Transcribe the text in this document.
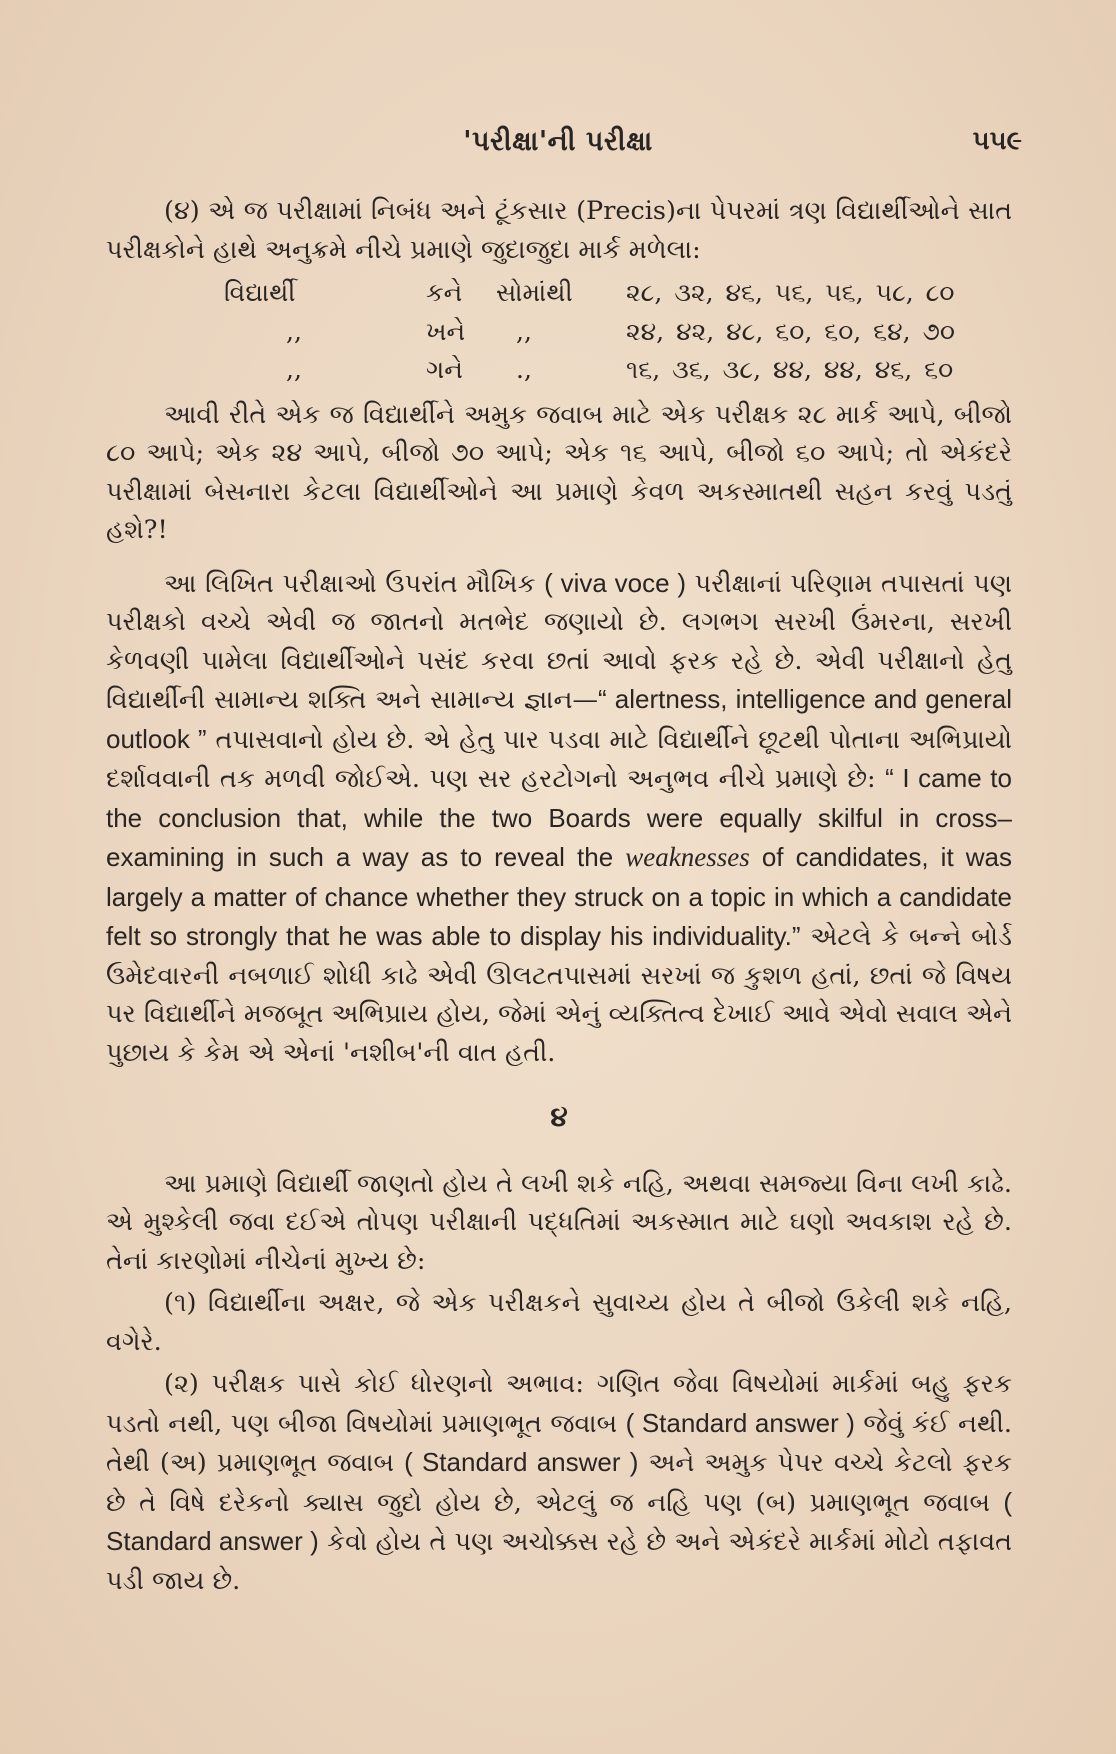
'પરીક્ષા'ની પરીક્ષા	૫૫૯

(૪) એ જ પરીક્ષામાં નિબંધ અને ટૂંકસાર (Precis)ના પેપરમાં ત્રણ વિદ્યાર્થીઓને સાત પરીક્ષકોને હાથે અનુક્રમે નીચે પ્રમાણે જુદાજુદા માર્ક મળેલા:

વિદ્યાર્થી	કને	સોમાંથી	૨૮, ૩૨, ૪૬, ૫૬, ૫૬, ૫૮, ૮૦
,,	ખને	,,	૨૪, ૪૨, ૪૮, ૬૦, ૬૦, ૬૪, ૭૦
,,	ગને	.,	૧૬, ૩૬, ૩૮, ૪૪, ૪૪, ૪૬, ૬૦

આવી રીતે એક જ વિદ્યાર્થીને અમુક જવાબ માટે એક પરીક્ષક ૨૮ માર્ક આપે, બીજો ૮૦ આપે; એક ૨૪ આપે, બીજો ૭૦ આપે; એક ૧૬ આપે, બીજો ૬૦ આપે; તો એકંદરે પરીક્ષામાં બેસનારા કેટલા વિદ્યાર્થીઓને આ પ્રમાણે કેવળ અકસ્માતથી સહન કરવું પડતું હશે?!

આ લિખિત પરીક્ષાઓ ઉપરાંત મૌખિક ( viva voce ) પરીક્ષાનાં પરિણામ તપાસતાં પણ પરીક્ષકો વચ્ચે એવી જ જાતનો મતભેદ જણાયો છે. લગભગ સરખી ઉંમરના, સરખી કેળવણી પામેલા વિદ્યાર્થીઓને પસંદ કરવા છતાં આવો ફરક રહે છે. એવી પરીક્ષાનો હેતુ વિદ્યાર્થીની સામાન્ય શક્તિ અને સામાન્ય જ્ઞાન—“ alertness, intelligence and general outlook ” તપાસવાનો હોય છે. એ હેતુ પાર પડવા માટે વિદ્યાર્થીને છૂટથી પોતાના અભિપ્રાયો દર્શાવવાની તક મળવી જોઈએ. પણ સર હરટોગનો અનુભવ નીચે પ્રમાણે છે: “ I came to the conclusion that, while the two Boards were equally skilful in cross–examining in such a way as to reveal the weaknesses of candidates, it was largely a matter of chance whether they struck on a topic in which a candidate felt so strongly that he was able to display his individuality.” એટલે કે બન્ને બોર્ડ ઉમેદવારની નબળાઈ શોધી કાઢે એવી ઊલટતપાસમાં સરખાં જ કુશળ હતાં, છતાં જે વિષય પર વિદ્યાર્થીને મજબૂત અભિપ્રાય હોય, જેમાં એનું વ્યક્તિત્વ દેખાઈ આવે એવો સવાલ એને પુછાય કે કેમ એ એનાં 'નશીબ'ની વાત હતી.

૪

આ પ્રમાણે વિદ્યાર્થી જાણતો હોય તે લખી શકે નહિ, અથવા સમજ્યા વિના લખી કાઢે. એ મુશ્કેલી જવા દઈએ તોપણ પરીક્ષાની પદ્ધતિમાં અકસ્માત માટે ઘણો અવકાશ રહે છે. તેનાં કારણોમાં નીચેનાં મુખ્ય છે:

(૧) વિદ્યાર્થીના અક્ષર, જે એક પરીક્ષકને સુવાચ્ય હોય તે બીજો ઉકેલી શકે નહિ, વગેરે.

(૨) પરીક્ષક પાસે કોઈ ધોરણનો અભાવ: ગણિત જેવા વિષયોમાં માર્કમાં બહુ ફરક પડતો નથી, પણ બીજા વિષયોમાં પ્રમાણભૂત જવાબ ( Standard answer ) જેવું કંઈ નથી. તેથી (અ) પ્રમાણભૂત જવાબ ( Standard answer ) અને અમુક પેપર વચ્ચે કેટલો ફરક છે તે વિષે દરેકનો ક્યાસ જુદો હોય છે, એટલું જ નહિ પણ (બ) પ્રમાણભૂત જવાબ ( Standard answer ) કેવો હોય તે પણ અચોક્કસ રહે છે અને એકંદરે માર્કમાં મોટો તફાવત પડી જાય છે.
